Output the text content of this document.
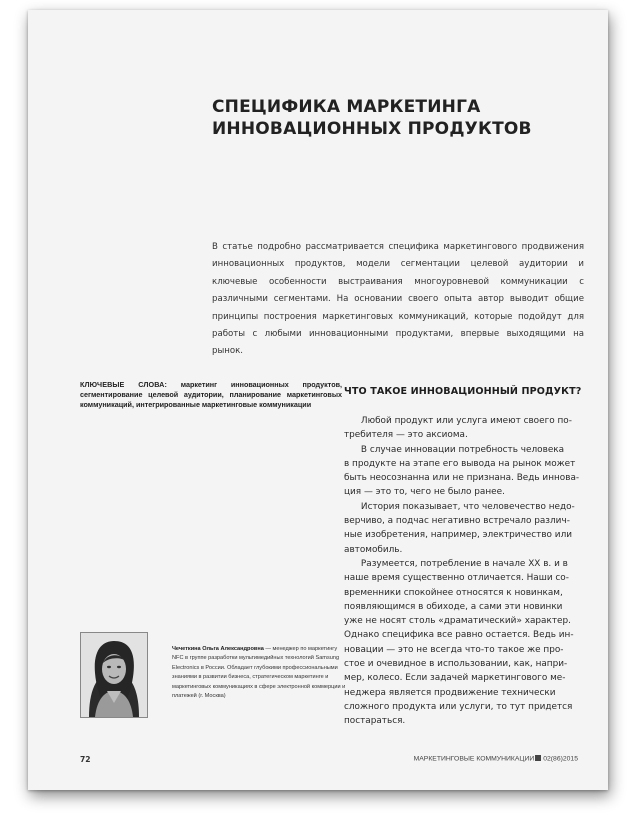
СПЕЦИФИКА МАРКЕТИНГА
ИННОВАЦИОННЫХ ПРОДУКТОВ
В статье подробно рассматривается специфика маркетингового продвижения инновационных продуктов, модели сегментации целевой аудитории и ключевые особенности выстраивания многоуровневой коммуникации с различными сегментами. На основании своего опыта автор выводит общие принципы построения маркетинговых коммуникаций, которые подойдут для работы с любыми инновационными продуктами, впервые выходящими на рынок.
КЛЮЧЕВЫЕ СЛОВА: маркетинг инновационных продуктов, сегментирование целевой аудитории, планирование маркетинговых коммуникаций, интегрированные маркетинговые коммуникации
Чечеткина Ольга Александровна — менеджер по маркетингу NFC в группе разработки мультимедийных технологий Samsung Electronics в России. Обладает глубокими профессиональными знаниями в развитии бизнеса, стратегическом маркетинге и маркетинговых коммуникациях в сфере электронной коммерции и платежей (г. Москва)
ЧТО ТАКОЕ ИННОВАЦИОННЫЙ ПРОДУКТ?
Любой продукт или услуга имеют своего по-
требителя — это аксиома.
В случае инновации потребность человека
в продукте на этапе его вывода на рынок может
быть неосознанна или не признана. Ведь иннова-
ция — это то, чего не было ранее.
История показывает, что человечество недо-
верчиво, а подчас негативно встречало различ-
ные изобретения, например, электричество или
автомобиль.
Разумеется, потребление в начале XX в. и в
наше время существенно отличается. Наши со-
временники спокойнее относятся к новинкам,
появляющимся в обиходе, а сами эти новинки
уже не носят столь «драматический» характер.
Однако специфика все равно остается. Ведь ин-
новации — это не всегда что-то такое же про-
стое и очевидное в использовании, как, напри-
мер, колесо. Если задачей маркетингового ме-
неджера является продвижение технически
сложного продукта или услуги, то тут придется
постараться.
72	МАРКЕТИНГОВЫЕ КОММУНИКАЦИИ 02(86)2015
